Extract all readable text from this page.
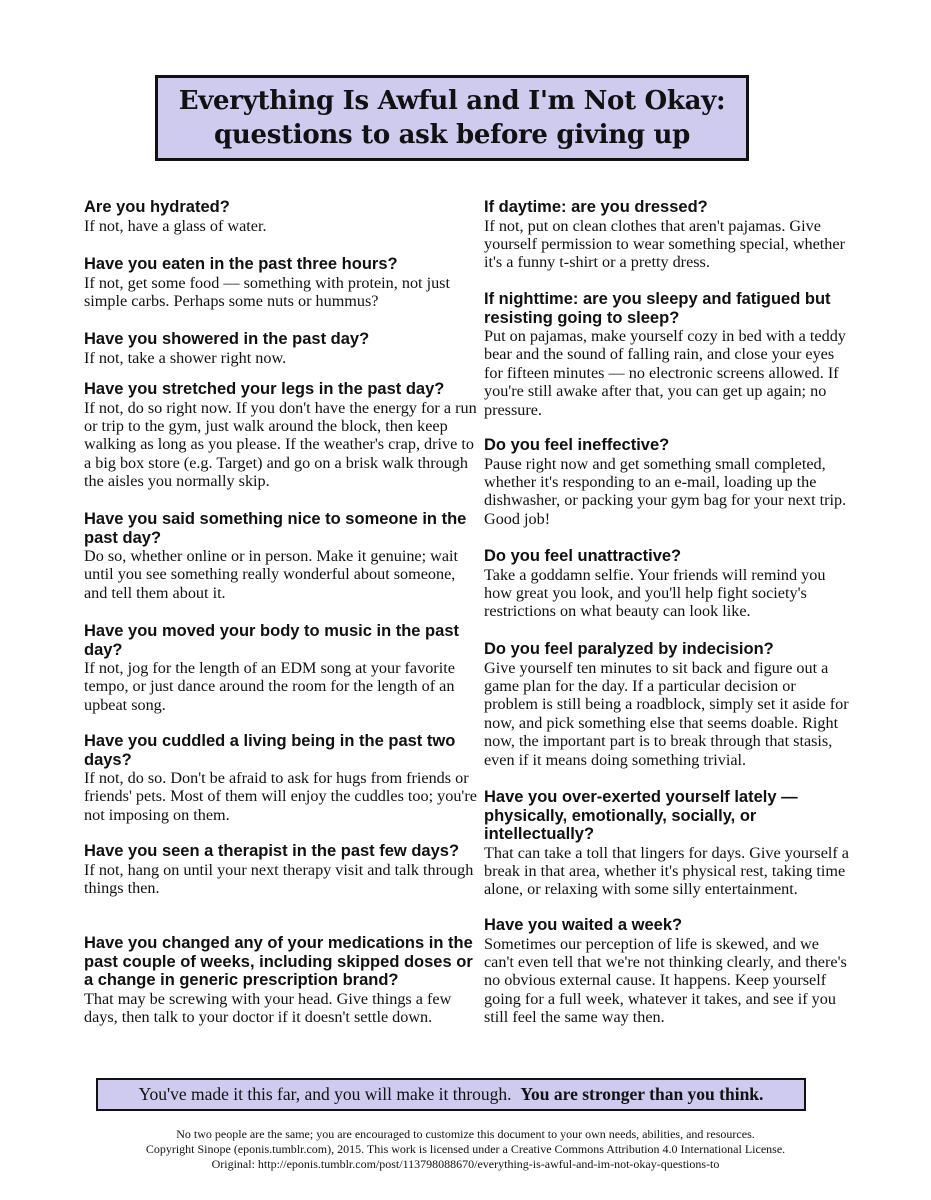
Everything Is Awful and I'm Not Okay:
questions to ask before giving up

Are you hydrated?

If not, have a glass of water.

Have you eaten in the past three hours?

If not, get some food — something with protein, not just simple carbs. Perhaps some nuts or hummus?

Have you showered in the past day?

If not, take a shower right now.

Have you stretched your legs in the past day?

If not, do so right now. If you don't have the energy for a run or trip to the gym, just walk around the block, then keep walking as long as you please. If the weather's crap, drive to a big box store (e.g. Target) and go on a brisk walk through the aisles you normally skip.

Have you said something nice to someone in the past day?

Do so, whether online or in person. Make it genuine; wait until you see something really wonderful about someone, and tell them about it.

Have you moved your body to music in the past day?

If not, jog for the length of an EDM song at your favorite tempo, or just dance around the room for the length of an upbeat song.

Have you cuddled a living being in the past two days?

If not, do so. Don't be afraid to ask for hugs from friends or friends' pets. Most of them will enjoy the cuddles too; you're not imposing on them.

Have you seen a therapist in the past few days?

If not, hang on until your next therapy visit and talk through things then.

Have you changed any of your medications in the past couple of weeks, including skipped doses or a change in generic prescription brand?

That may be screwing with your head. Give things a few days, then talk to your doctor if it doesn't settle down.

If daytime: are you dressed?

If not, put on clean clothes that aren't pajamas. Give yourself permission to wear something special, whether it's a funny t-shirt or a pretty dress.

If nighttime: are you sleepy and fatigued but resisting going to sleep?

Put on pajamas, make yourself cozy in bed with a teddy bear and the sound of falling rain, and close your eyes for fifteen minutes — no electronic screens allowed. If you're still awake after that, you can get up again; no pressure.

Do you feel ineffective?

Pause right now and get something small completed, whether it's responding to an e-mail, loading up the dishwasher, or packing your gym bag for your next trip. Good job!

Do you feel unattractive?

Take a goddamn selfie. Your friends will remind you how great you look, and you'll help fight society's restrictions on what beauty can look like.

Do you feel paralyzed by indecision?

Give yourself ten minutes to sit back and figure out a game plan for the day. If a particular decision or problem is still being a roadblock, simply set it aside for now, and pick something else that seems doable. Right now, the important part is to break through that stasis, even if it means doing something trivial.

Have you over-exerted yourself lately — physically, emotionally, socially, or intellectually?

That can take a toll that lingers for days. Give yourself a break in that area, whether it's physical rest, taking time alone, or relaxing with some silly entertainment.

Have you waited a week?

Sometimes our perception of life is skewed, and we can't even tell that we're not thinking clearly, and there's no obvious external cause. It happens. Keep yourself going for a full week, whatever it takes, and see if you still feel the same way then.

You've made it this far, and you will make it through. You are stronger than you think.
No two people are the same; you are encouraged to customize this document to your own needs, abilities, and resources.
Copyright Sinope (eponis.tumblr.com), 2015. This work is licensed under a Creative Commons Attribution 4.0 International License.
Original: http://eponis.tumblr.com/post/113798088670/everything-is-awful-and-im-not-okay-questions-to
